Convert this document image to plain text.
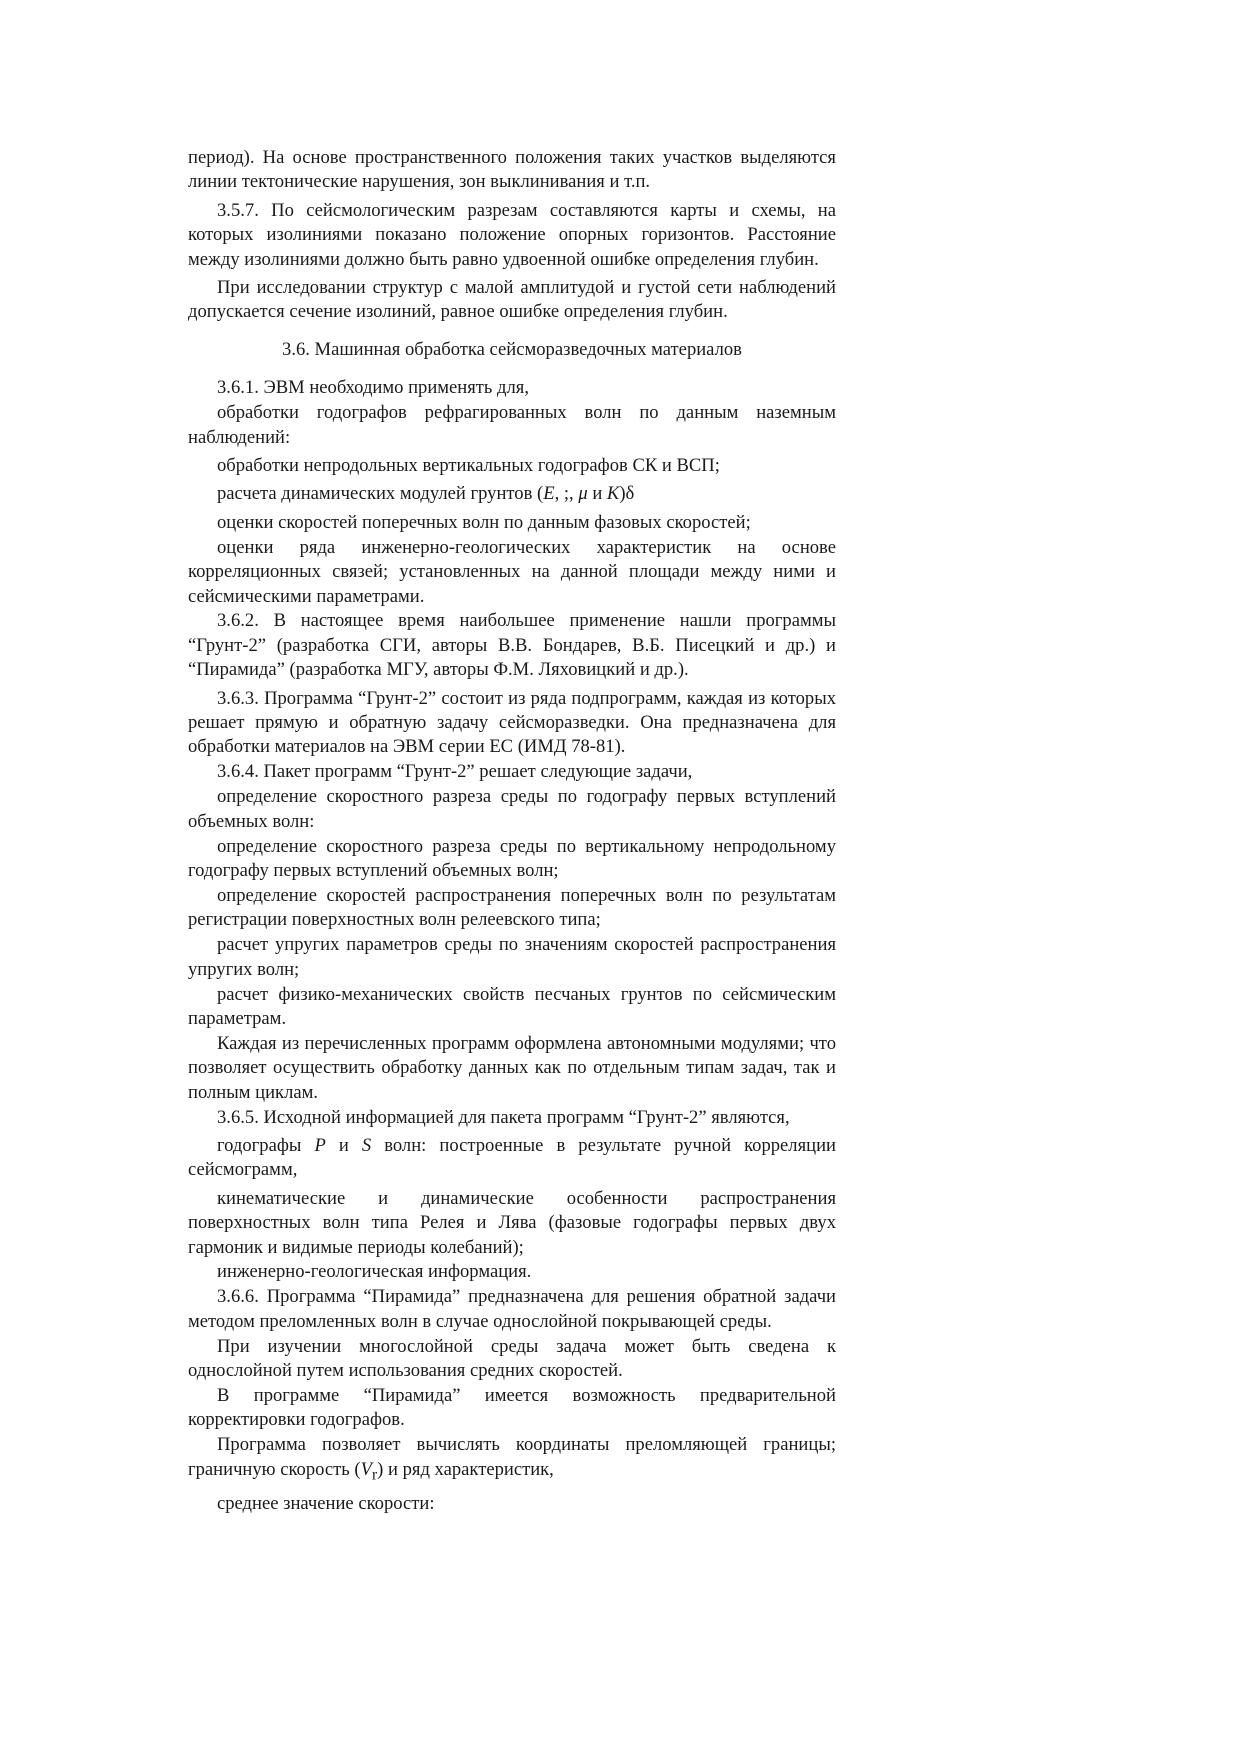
период). На основе пространственного положения таких участков выделяются линии тектонические нарушения, зон выклинивания и т.п.

3.5.7. По сейсмологическим разрезам составляются карты и схемы, на которых изолиниями показано положение опорных горизонтов. Расстояние между изолиниями должно быть равно удвоенной ошибке определения глубин.

При исследовании структур с малой амплитудой и густой сети наблюдений допускается сечение изолиний, равное ошибке определения глубин.

3.6. Машинная обработка сейсморазведочных материалов

3.6.1. ЭВМ необходимо применять для,

обработки годографов рефрагированных волн по данным наземным наблюдений:

обработки непродольных вертикальных годографов СК и ВСП;

расчета динамических модулей грунтов (E, ;, μ и K)δ

оценки скоростей поперечных волн по данным фазовых скоростей;

оценки ряда инженерно-геологических характеристик на основе корреляционных связей; установленных на данной площади между ними и сейсмическими параметрами.

3.6.2. В настоящее время наибольшее применение нашли программы “Грунт-2” (разработка СГИ, авторы В.В. Бондарев, В.Б. Писецкий и др.) и “Пирамида” (разработка МГУ, авторы Ф.М. Ляховицкий и др.).

3.6.3. Программа “Грунт-2” состоит из ряда подпрограмм, каждая из которых решает прямую и обратную задачу сейсморазведки. Она предназначена для обработки материалов на ЭВМ серии ЕС (ИМД 78-81).

3.6.4. Пакет программ “Грунт-2” решает следующие задачи,

определение скоростного разреза среды по годографу первых вступлений объемных волн:

определение скоростного разреза среды по вертикальному непродольному годографу первых вступлений объемных волн;

определение скоростей распространения поперечных волн по результатам регистрации поверхностных волн релеевского типа;

расчет упругих параметров среды по значениям скоростей распространения упругих волн;

расчет физико-механических свойств песчаных грунтов по сейсмическим параметрам.

Каждая из перечисленных программ оформлена автономными модулями; что позволяет осуществить обработку данных как по отдельным типам задач, так и полным циклам.

3.6.5. Исходной информацией для пакета программ “Грунт-2” являются,

годографы P и S волн: построенные в результате ручной корреляции сейсмограмм,

кинематические и динамические особенности распространения поверхностных волн типа Релея и Лява (фазовые годографы первых двух гармоник и видимые периоды колебаний);

инженерно-геологическая информация.

3.6.6. Программа “Пирамида” предназначена для решения обратной задачи методом преломленных волн в случае однослойной покрывающей среды.

При изучении многослойной среды задача может быть сведена к однослойной путем использования средних скоростей.

В программе “Пирамида” имеется возможность предварительной корректировки годографов.

Программа позволяет вычислять координаты преломляющей границы; граничную скорость $(V_r)$ и ряд характеристик,

среднее значение скорости:
